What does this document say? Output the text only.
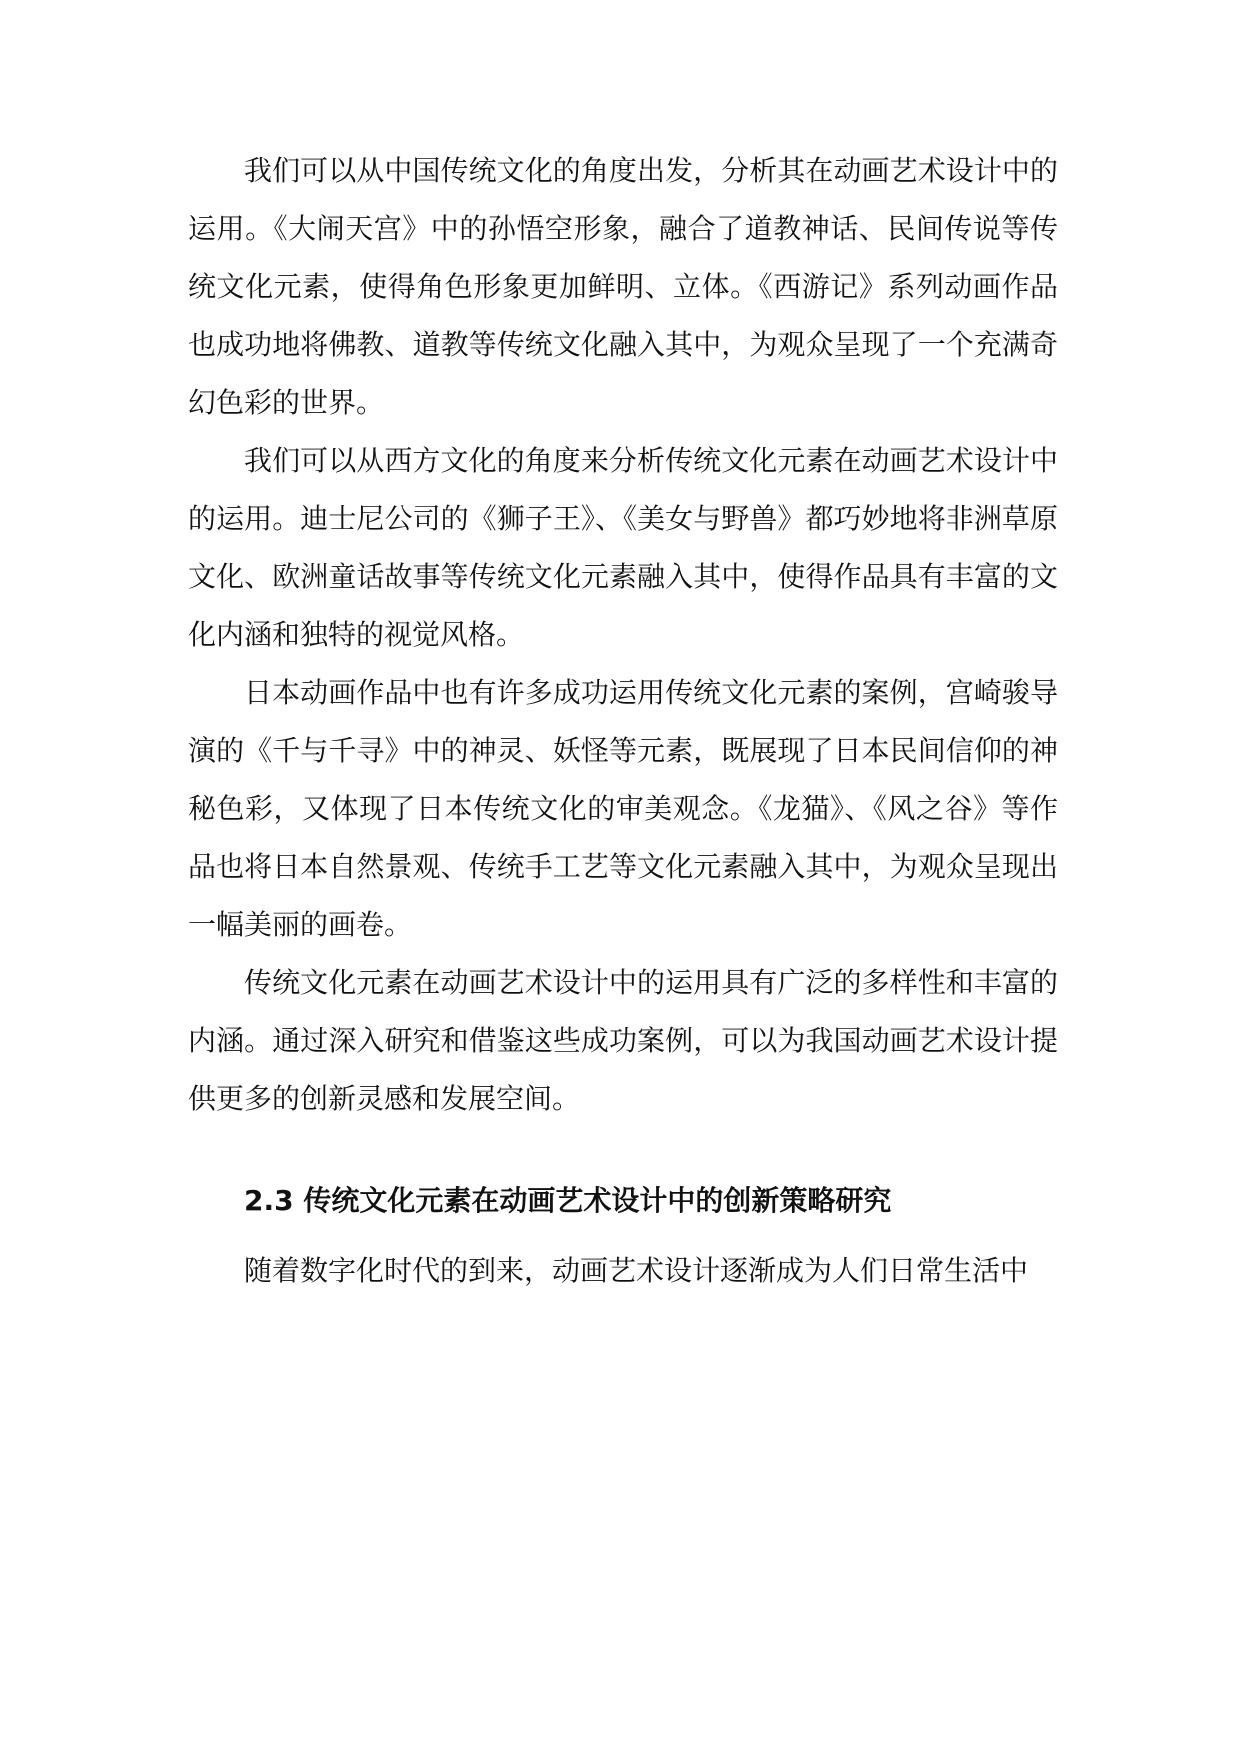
我们可以从中国传统文化的角度出发，分析其在动画艺术设计中的运用。《大闹天宫》中的孙悟空形象，融合了道教神话、民间传说等传统文化元素，使得角色形象更加鲜明、立体。《西游记》系列动画作品也成功地将佛教、道教等传统文化融入其中，为观众呈现了一个充满奇幻色彩的世界。

我们可以从西方文化的角度来分析传统文化元素在动画艺术设计中的运用。迪士尼公司的《狮子王》、《美女与野兽》都巧妙地将非洲草原文化、欧洲童话故事等传统文化元素融入其中，使得作品具有丰富的文化内涵和独特的视觉风格。

日本动画作品中也有许多成功运用传统文化元素的案例，宫崎骏导演的《千与千寻》中的神灵、妖怪等元素，既展现了日本民间信仰的神秘色彩，又体现了日本传统文化的审美观念。《龙猫》、《风之谷》等作品也将日本自然景观、传统手工艺等文化元素融入其中，为观众呈现出一幅美丽的画卷。

传统文化元素在动画艺术设计中的运用具有广泛的多样性和丰富的内涵。通过深入研究和借鉴这些成功案例，可以为我国动画艺术设计提供更多的创新灵感和发展空间。

2.3 传统文化元素在动画艺术设计中的创新策略研究

随着数字化时代的到来，动画艺术设计逐渐成为人们日常生活中
